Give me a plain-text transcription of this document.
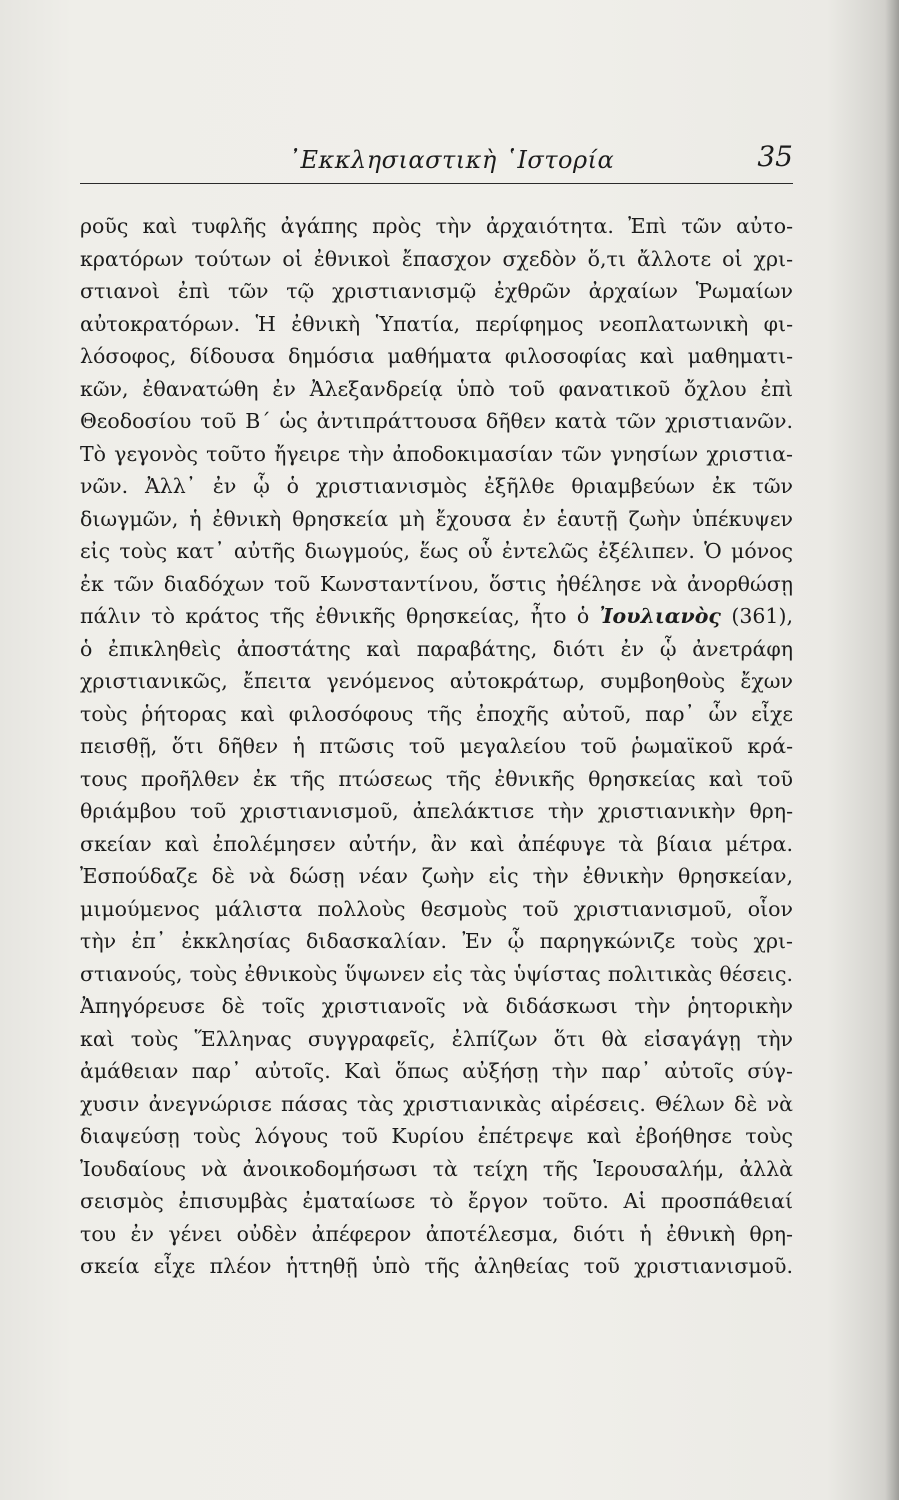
᾿Εκκλησιαστικὴ ῾Ιστορία	35
ροῦς καὶ τυφλῆς ἀγάπης πρὸς τὴν ἀρχαιότητα. Ἐπὶ τῶν αὐτο-
κρατόρων τούτων οἱ ἐθνικοὶ ἔπασχον σχεδὸν ὅ,τι ἄλλοτε οἱ χρι-
στιανοὶ ἐπὶ τῶν τῷ χριστιανισμῷ ἐχθρῶν ἀρχαίων Ῥωμαίων
αὐτοκρατόρων. Ἡ ἐθνικὴ Ὑπατία, περίφημος νεοπλατωνικὴ φι-
λόσοφος, δίδουσα δημόσια μαθήματα φιλοσοφίας καὶ μαθηματι-
κῶν, ἐθανατώθη ἐν Ἀλεξανδρείᾳ ὑπὸ τοῦ φανατικοῦ ὄχλου ἐπὶ
Θεοδοσίου τοῦ Β΄ ὡς ἀντιπράττουσα δῆθεν κατὰ τῶν χριστιανῶν.
Τὸ γεγονὸς τοῦτο ἤγειρε τὴν ἀποδοκιμασίαν τῶν γνησίων χριστια-
νῶν. Ἀλλ᾿ ἐν ᾧ ὁ χριστιανισμὸς ἐξῆλθε θριαμβεύων ἐκ τῶν
διωγμῶν, ἡ ἐθνικὴ θρησκεία μὴ ἔχουσα ἐν ἑαυτῇ ζωὴν ὑπέκυψεν
εἰς τοὺς κατ᾿ αὐτῆς διωγμούς, ἕως οὗ ἐντελῶς ἐξέλιπεν. Ὁ μόνος
ἐκ τῶν διαδόχων τοῦ Κωνσταντίνου, ὅστις ἠθέλησε νὰ ἀνορθώσῃ
πάλιν τὸ κράτος τῆς ἐθνικῆς θρησκείας, ἦτο ὁ Ἰουλιανὸς (361),
ὁ ἐπικληθεὶς ἀποστάτης καὶ παραβάτης, διότι ἐν ᾧ ἀνετράφη
χριστιανικῶς, ἔπειτα γενόμενος αὐτοκράτωρ, συμβοηθοὺς ἔχων
τοὺς ῥήτορας καὶ φιλοσόφους τῆς ἐποχῆς αὐτοῦ, παρ᾿ ὧν εἶχε
πεισθῇ, ὅτι δῆθεν ἡ πτῶσις τοῦ μεγαλείου τοῦ ῥωμαϊκοῦ κρά-
τους προῆλθεν ἐκ τῆς πτώσεως τῆς ἐθνικῆς θρησκείας καὶ τοῦ
θριάμβου τοῦ χριστιανισμοῦ, ἀπελάκτισε τὴν χριστιανικὴν θρη-
σκείαν καὶ ἐπολέμησεν αὐτήν, ἂν καὶ ἀπέφυγε τὰ βίαια μέτρα.
Ἐσπούδαζε δὲ νὰ δώσῃ νέαν ζωὴν εἰς τὴν ἐθνικὴν θρησκείαν,
μιμούμενος μάλιστα πολλοὺς θεσμοὺς τοῦ χριστιανισμοῦ, οἷον
τὴν ἐπ᾿ ἐκκλησίας διδασκαλίαν. Ἐν ᾧ παρηγκώνιζε τοὺς χρι-
στιανούς, τοὺς ἐθνικοὺς ὕψωνεν εἰς τὰς ὑψίστας πολιτικὰς θέσεις.
Ἀπηγόρευσε δὲ τοῖς χριστιανοῖς νὰ διδάσκωσι τὴν ῥητορικὴν
καὶ τοὺς Ἕλληνας συγγραφεῖς, ἐλπίζων ὅτι θὰ εἰσαγάγῃ τὴν
ἀμάθειαν παρ᾿ αὐτοῖς. Καὶ ὅπως αὐξήσῃ τὴν παρ᾿ αὐτοῖς σύγ-
χυσιν ἀνεγνώρισε πάσας τὰς χριστιανικὰς αἱρέσεις. Θέλων δὲ νὰ
διαψεύσῃ τοὺς λόγους τοῦ Κυρίου ἐπέτρεψε καὶ ἐβοήθησε τοὺς
Ἰουδαίους νὰ ἀνοικοδομήσωσι τὰ τείχη τῆς Ἱερουσαλήμ, ἀλλὰ
σεισμὸς ἐπισυμβὰς ἐματαίωσε τὸ ἔργον τοῦτο. Αἱ προσπάθειαί
του ἐν γένει οὐδὲν ἀπέφερον ἀποτέλεσμα, διότι ἡ ἐθνικὴ θρη-
σκεία εἶχε πλέον ἡττηθῇ ὑπὸ τῆς ἀληθείας τοῦ χριστιανισμοῦ.
